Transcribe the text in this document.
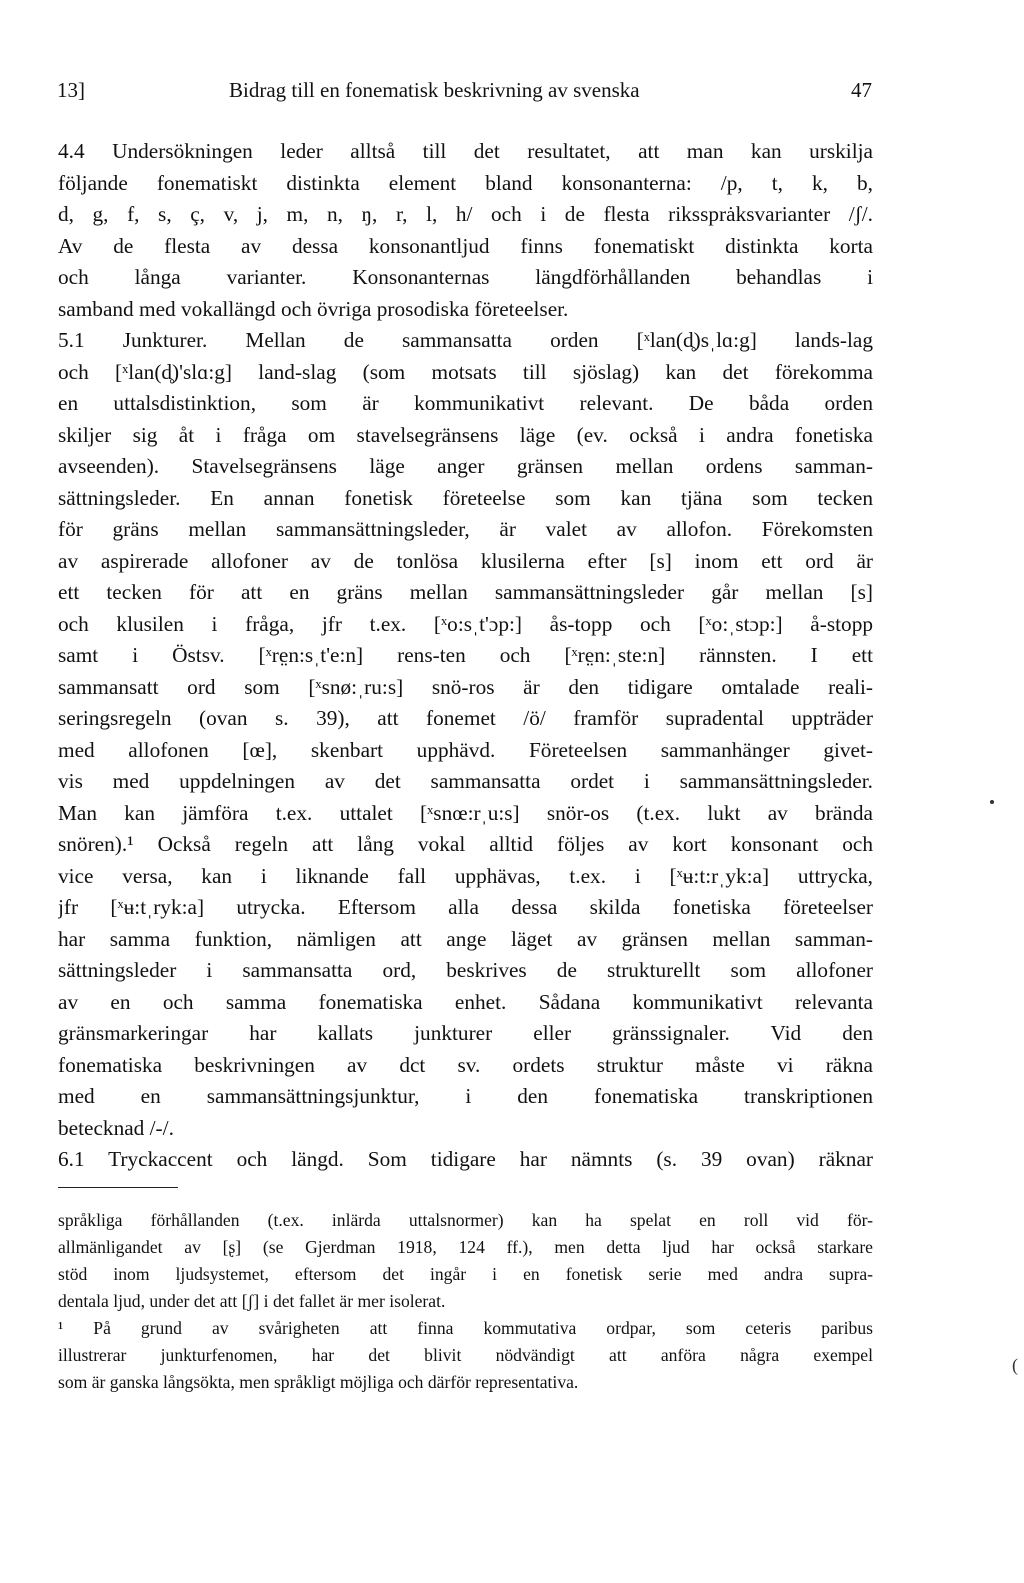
13]	Bidrag till en fonematisk beskrivning av svenska	47
4.4 Undersökningen leder alltså till det resultatet, att man kan urskilja
följande fonematiskt distinkta element bland konsonanterna: /p, t, k, b,
d, g, f, s, ç, v, j, m, n, ŋ, r, l, h/ och i de flesta rikssprȧksvarianter /ʃ/.
Av de flesta av dessa konsonantljud finns fonematiskt distinkta korta
och långa varianter. Konsonanternas längdförhållanden behandlas i
samband med vokallängd och övriga prosodiska företeelser.
5.1 Junkturer. Mellan de sammansatta orden [ˣlan(d̥)sˌlɑ:g] lands-lag
och [ˣlan(d̥)'slɑ:g] land-slag (som motsats till sjöslag) kan det förekomma
en uttalsdistinktion, som är kommunikativt relevant. De båda orden
skiljer sig åt i fråga om stavelsegränsens läge (ev. också i andra fonetiska
avseenden). Stavelsegränsens läge anger gränsen mellan ordens samman-
sättningsleder. En annan fonetisk företeelse som kan tjäna som tecken
för gräns mellan sammansättningsleder, är valet av allofon. Förekomsten
av aspirerade allofoner av de tonlösa klusilerna efter [s] inom ett ord är
ett tecken för att en gräns mellan sammansättningsleder går mellan [s]
och klusilen i fråga, jfr t.ex. [ˣo:sˌt'ɔp:] ås-topp och [ˣo:ˌstɔp:] å-stopp
samt i Östsv. [ˣre̤n:sˌt'e:n] rens-ten och [ˣre̤n:ˌste:n] rännsten. I ett
sammansatt ord som [ˣsnø:ˌru:s] snö-ros är den tidigare omtalade reali-
seringsregeln (ovan s. 39), att fonemet /ö/ framför supradental uppträder
med allofonen [œ], skenbart upphävd. Företeelsen sammanhänger givet-
vis med uppdelningen av det sammansatta ordet i sammansättningsleder.
Man kan jämföra t.ex. uttalet [ˣsnœ:rˌu:s] snör-os (t.ex. lukt av brända
snören).¹ Också regeln att lång vokal alltid följes av kort konsonant och
vice versa, kan i liknande fall upphävas, t.ex. i [ˣʉ:t:rˌyk:a] uttrycka,
jfr [ˣʉ:tˌryk:a] utrycka. Eftersom alla dessa skilda fonetiska företeelser
har samma funktion, nämligen att ange läget av gränsen mellan samman-
sättningsleder i sammansatta ord, beskrives de strukturellt som allofoner
av en och samma fonematiska enhet. Sådana kommunikativt relevanta
gränsmarkeringar har kallats junkturer eller gränssignaler. Vid den
fonematiska beskrivningen av dct sv. ordets struktur måste vi räkna
med en sammansättningsjunktur, i den fonematiska transkriptionen
betecknad /-/.
6.1 Tryckaccent och längd. Som tidigare har nämnts (s. 39 ovan) räknar
språkliga förhållanden (t.ex. inlärda uttalsnormer) kan ha spelat en roll vid för-
allmänligandet av [ʂ] (se Gjerdman 1918, 124 ff.), men detta ljud har också starkare
stöd inom ljudsystemet, eftersom det ingår i en fonetisk serie med andra supra-
dentala ljud, under det att [ʃ] i det fallet är mer isolerat.
¹ På grund av svårigheten att finna kommutativa ordpar, som ceteris paribus
illustrerar junkturfenomen, har det blivit nödvändigt att anföra några exempel
som är ganska långsökta, men språkligt möjliga och därför representativa.
(
